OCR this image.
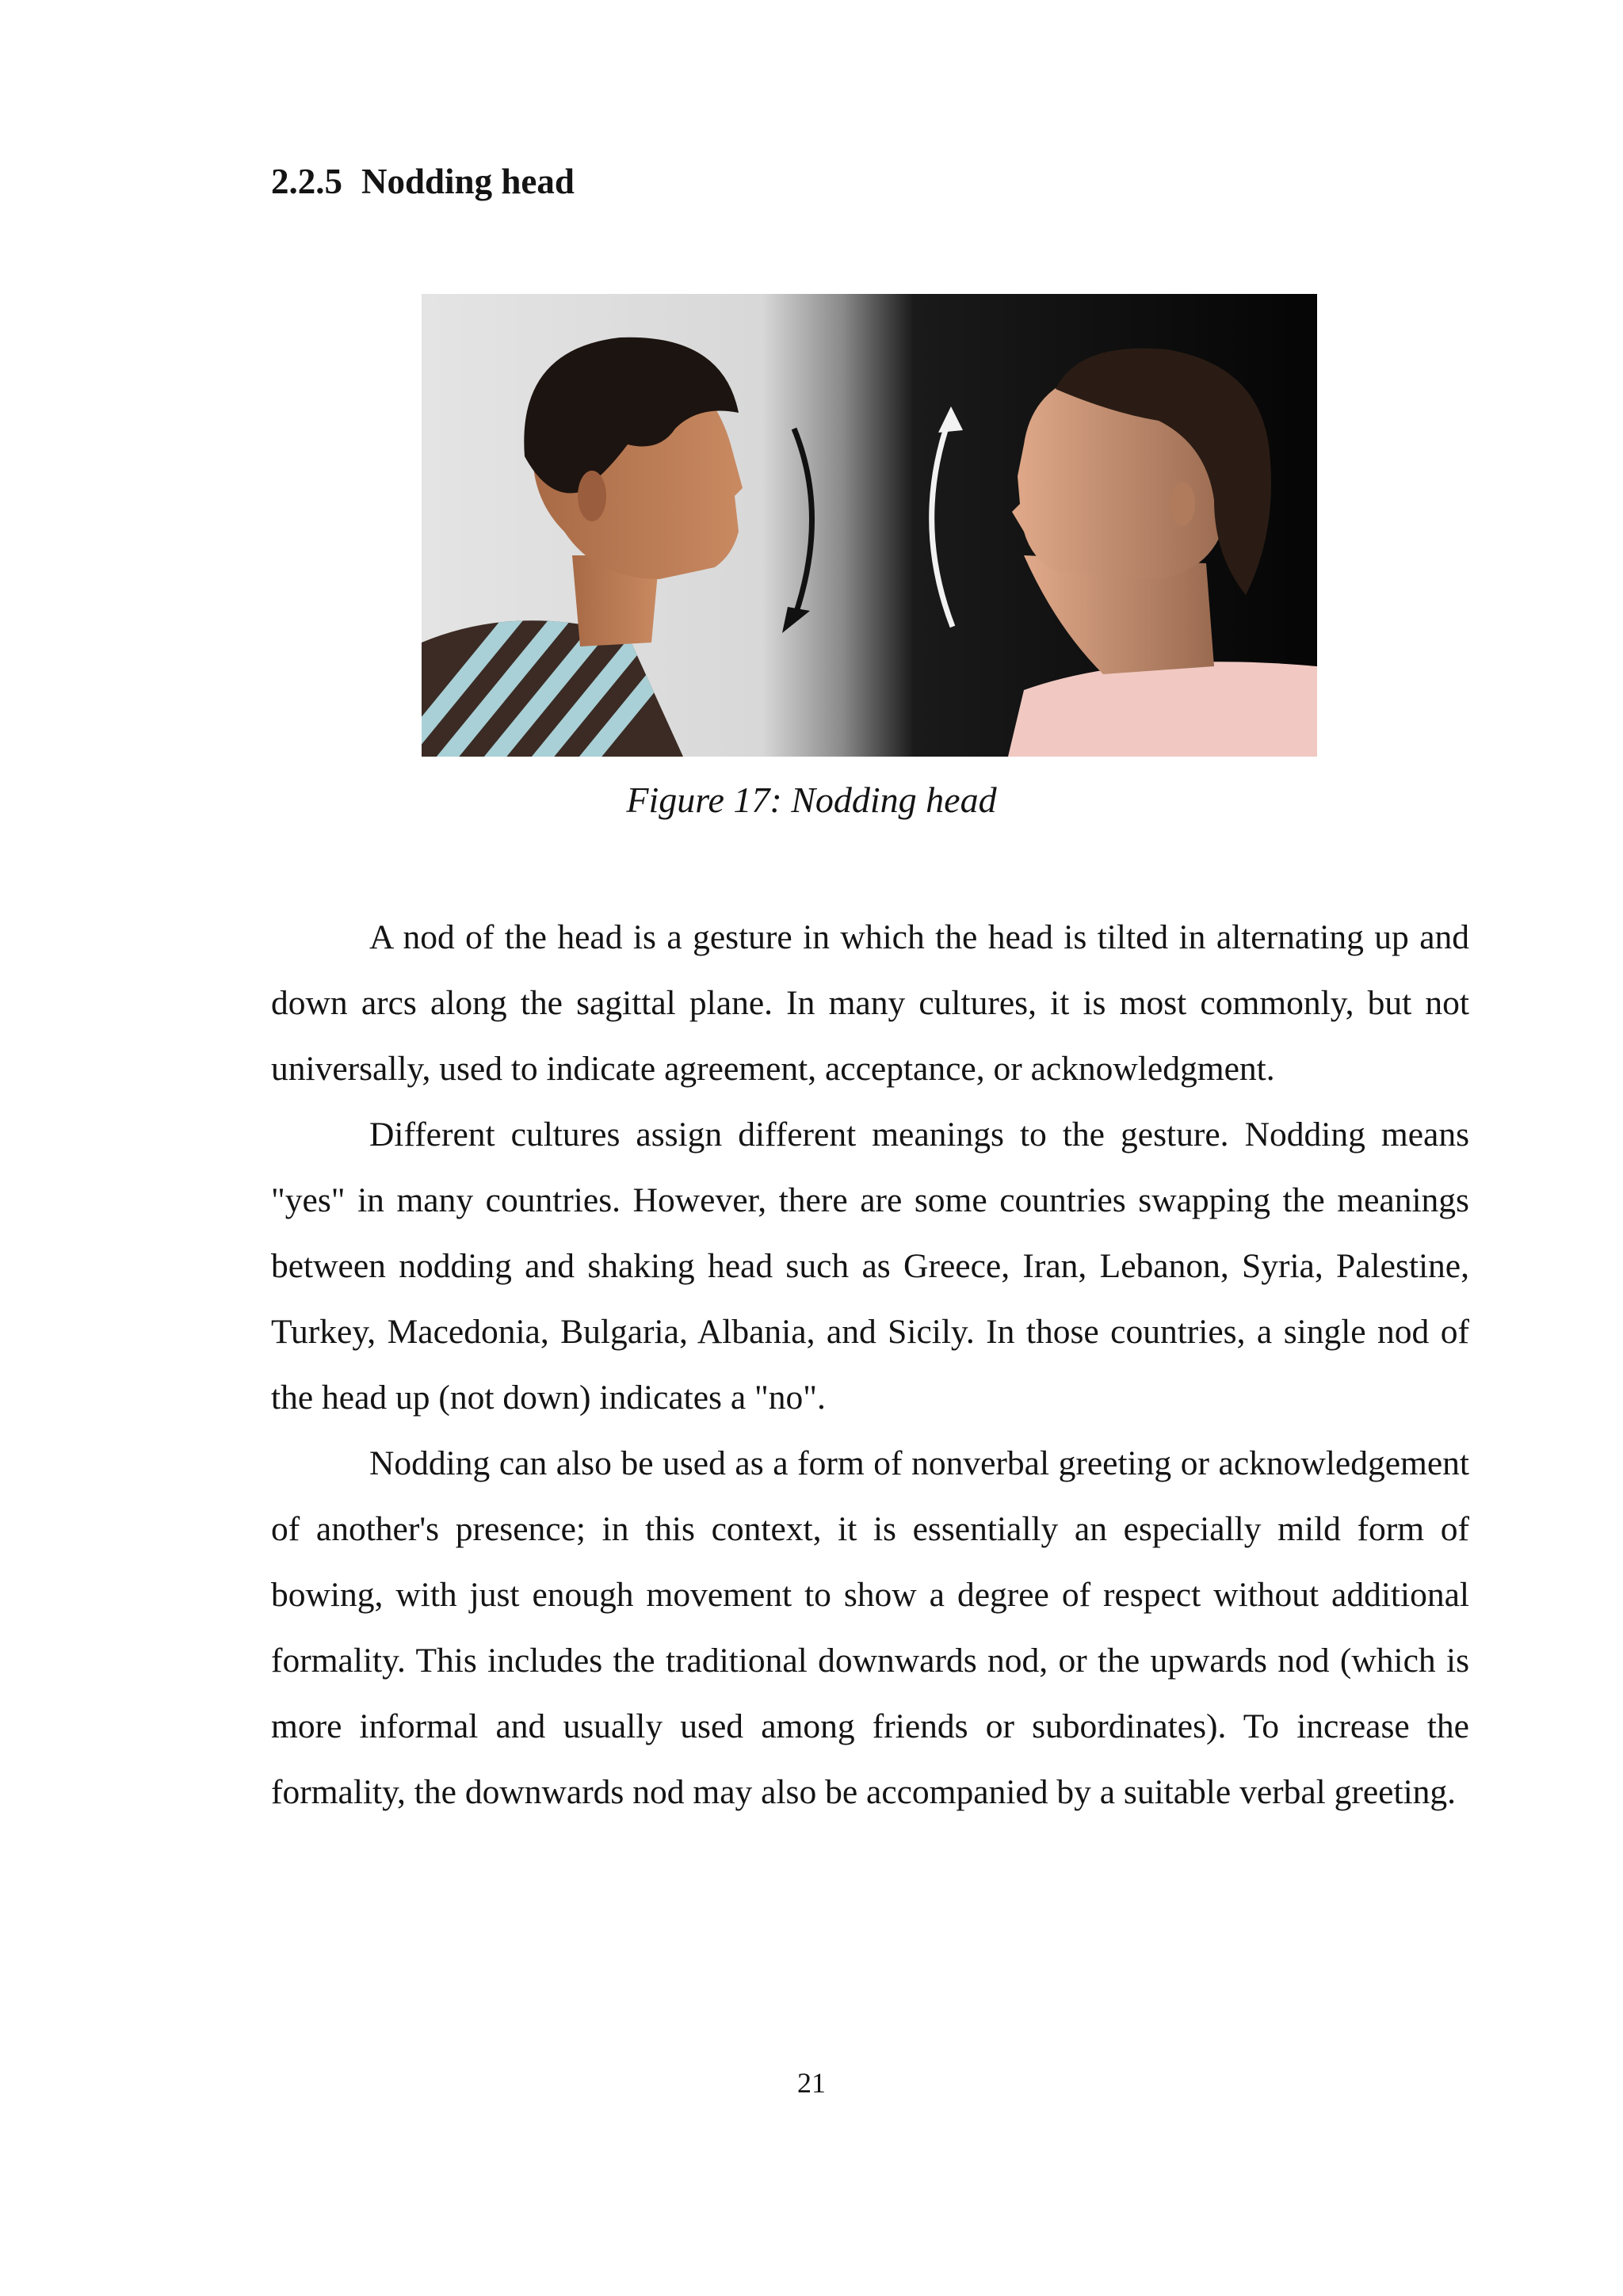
2.2.5 Nodding head
Figure 17: Nodding head

A nod of the head is a gesture in which the head is tilted in alternating up and down arcs along the sagittal plane. In many cultures, it is most commonly, but not universally, used to indicate agreement, acceptance, or acknowledgment.

Different cultures assign different meanings to the gesture. Nodding means "yes" in many countries. However, there are some countries swapping the meanings between nodding and shaking head such as Greece, Iran, Lebanon, Syria, Palestine, Turkey, Macedonia, Bulgaria, Albania, and Sicily. In those countries, a single nod of the head up (not down) indicates a "no".

Nodding can also be used as a form of nonverbal greeting or acknowledgement of another's presence; in this context, it is essentially an especially mild form of bowing, with just enough movement to show a degree of respect without additional formality. This includes the traditional downwards nod, or the upwards nod (which is more informal and usually used among friends or subordinates). To increase the formality, the downwards nod may also be accompanied by a suitable verbal greeting.

21
